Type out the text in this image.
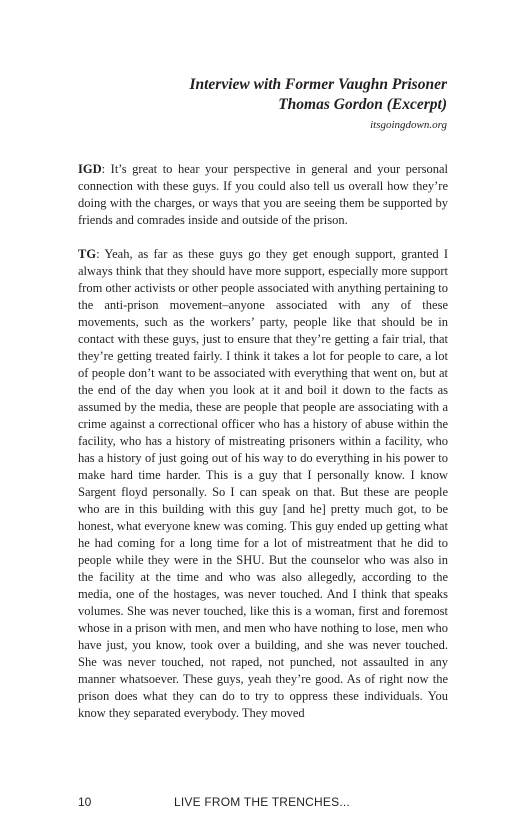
Interview with Former Vaughn Prisoner
Thomas Gordon (Excerpt)
itsgoingdown.org

IGD: It’s great to hear your perspective in general and your personal connection with these guys. If you could also tell us overall how they’re doing with the charges, or ways that you are seeing them be supported by friends and comrades inside and outside of the prison.

TG: Yeah, as far as these guys go they get enough support, granted I always think that they should have more support, especially more support from other activists or other people associated with anything pertaining to the anti-prison movement–anyone associated with any of these movements, such as the workers’ party, people like that should be in contact with these guys, just to ensure that they’re getting a fair trial, that they’re getting treated fairly. I think it takes a lot for people to care, a lot of people don’t want to be associated with everything that went on, but at the end of the day when you look at it and boil it down to the facts as assumed by the media, these are people that people are associating with a crime against a correctional officer who has a history of abuse within the facility, who has a history of mistreating prisoners within a facility, who has a history of just going out of his way to do everything in his power to make hard time harder. This is a guy that I personally know. I know Sargent floyd personally. So I can speak on that. But these are people who are in this building with this guy [and he] pretty much got, to be honest, what everyone knew was coming. This guy ended up getting what he had coming for a long time for a lot of mistreatment that he did to people while they were in the SHU. But the counselor who was also in the facility at the time and who was also allegedly, according to the media, one of the hostages, was never touched. And I think that speaks volumes. She was never touched, like this is a woman, first and foremost whose in a prison with men, and men who have nothing to lose, men who have just, you know, took over a building, and she was never touched. She was never touched, not raped, not punched, not assaulted in any manner whatsoever. These guys, yeah they’re good. As of right now the prison does what they can do to try to oppress these individuals. You know they separated everybody. They moved

10	LIVE FROM THE TRENCHES...
